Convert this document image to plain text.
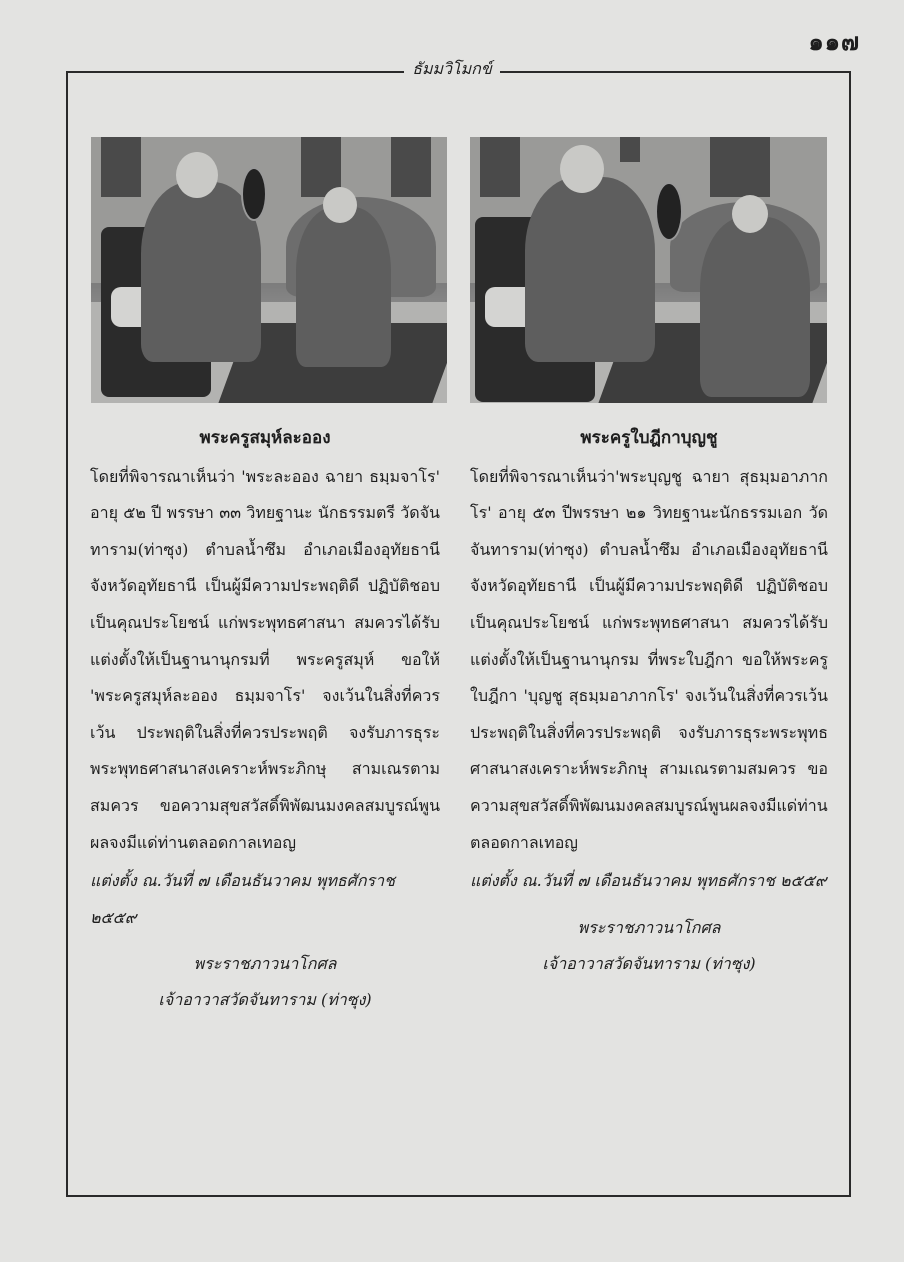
๑๑๗
ธัมมวิโมกข์
พระครูสมุห์ละออง

โดยที่พิจารณาเห็นว่า 'พระละออง ฉายา ธมฺมจาโร' อายุ ๕๒ ปี พรรษา ๓๓ วิทยฐานะ นักธรรมตรี วัดจันทาราม(ท่าซุง) ตำบลน้ำซึม อำเภอเมืองอุทัยธานี จังหวัดอุทัยธานี เป็นผู้มีความประพฤติดี ปฏิบัติชอบ เป็นคุณประโยชน์ แก่พระพุทธศาสนา สมควรได้รับแต่งตั้งให้เป็นฐานานุกรมที่ พระครูสมุห์ ขอให้ 'พระครูสมุห์ละออง ธมฺมจาโร' จงเว้นในสิ่งที่ควรเว้น ประพฤติในสิ่งที่ควรประพฤติ จงรับภารธุระ พระพุทธศาสนาสงเคราะห์พระภิกษุ สามเณรตามสมควร ขอความสุขสวัสดิ์พิพัฒนมงคลสมบูรณ์พูนผลจงมีแด่ท่านตลอดกาลเทอญ

แต่งตั้ง ณ.วันที่ ๗ เดือนธันวาคม พุทธศักราช ๒๕๕๙
พระราชภาวนาโกศล
เจ้าอาวาสวัดจันทาราม (ท่าซุง)
พระครูใบฎีกาบุญชู

โดยที่พิจารณาเห็นว่า'พระบุญชู ฉายา สุธมฺมอาภากโร' อายุ ๕๓ ปีพรรษา ๒๑ วิทยฐานะนักธรรมเอก วัดจันทาราม(ท่าซุง) ตำบลน้ำซึม อำเภอเมืองอุทัยธานี จังหวัดอุทัยธานี เป็นผู้มีความประพฤติดี ปฏิบัติชอบ เป็นคุณประโยชน์ แก่พระพุทธศาสนา สมควรได้รับแต่งตั้งให้เป็นฐานานุกรม ที่พระใบฎีกา ขอให้พระครูใบฎีกา 'บุญชู สุธมฺมอาภากโร' จงเว้นในสิ่งที่ควรเว้น ประพฤติในสิ่งที่ควรประพฤติ จงรับภารธุระพระพุทธศาสนาสงเคราะห์พระภิกษุ สามเณรตามสมควร ขอความสุขสวัสดิ์พิพัฒนมงคลสมบูรณ์พูนผลจงมีแด่ท่านตลอดกาลเทอญ

แต่งตั้ง ณ.วันที่ ๗ เดือนธันวาคม พุทธศักราช ๒๕๕๙
พระราชภาวนาโกศล
เจ้าอาวาสวัดจันทาราม (ท่าซุง)
